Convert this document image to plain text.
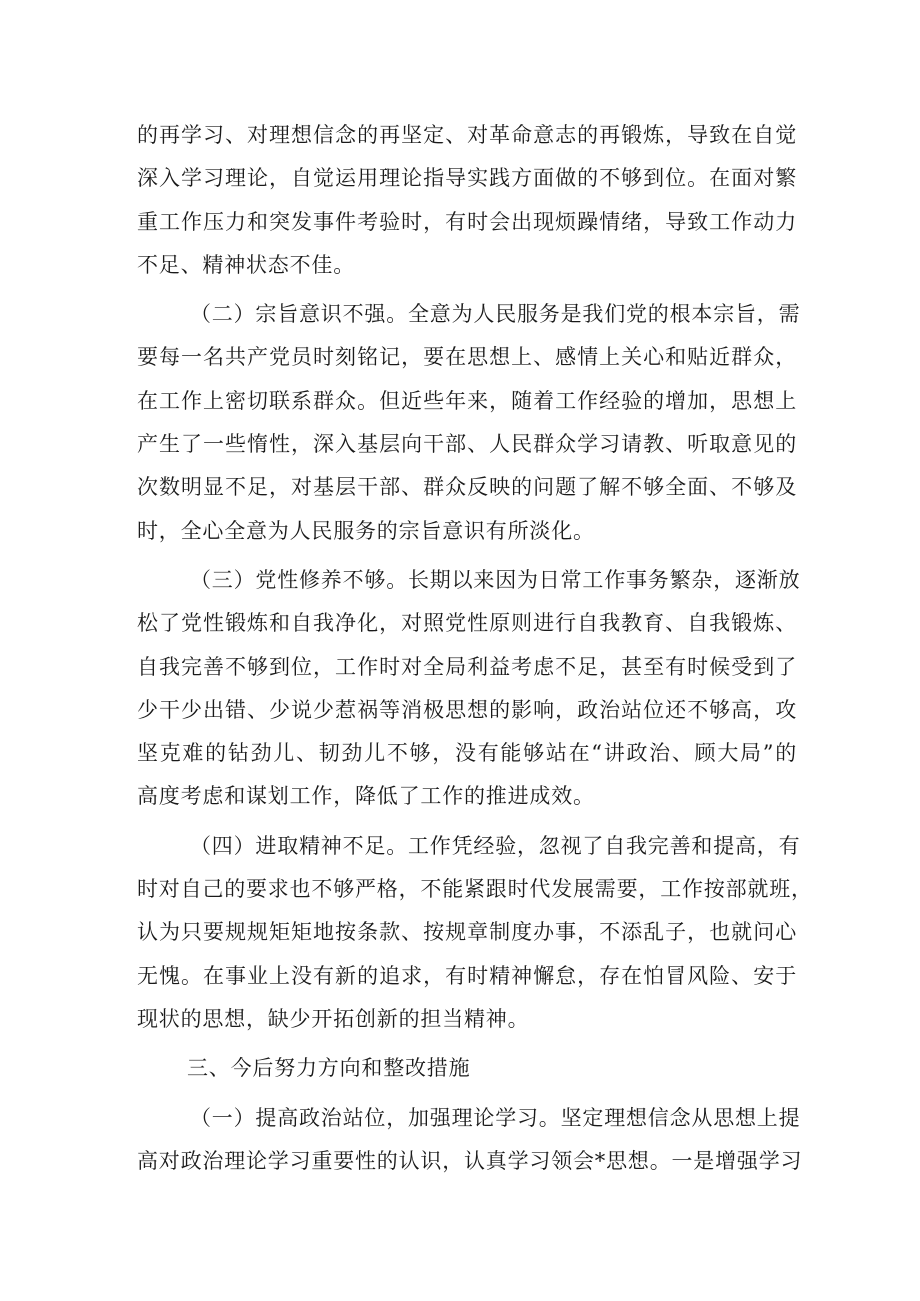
的再学习、对理想信念的再坚定、对革命意志的再锻炼，导致在自觉
深入学习理论，自觉运用理论指导实践方面做的不够到位。在面对繁
重工作压力和突发事件考验时，有时会出现烦躁情绪，导致工作动力
不足、精神状态不佳。
（二）宗旨意识不强。全意为人民服务是我们党的根本宗旨，需
要每一名共产党员时刻铭记，要在思想上、感情上关心和贴近群众，
在工作上密切联系群众。但近些年来，随着工作经验的增加，思想上
产生了一些惰性，深入基层向干部、人民群众学习请教、听取意见的
次数明显不足，对基层干部、群众反映的问题了解不够全面、不够及
时，全心全意为人民服务的宗旨意识有所淡化。
（三）党性修养不够。长期以来因为日常工作事务繁杂，逐渐放
松了党性锻炼和自我净化，对照党性原则进行自我教育、自我锻炼、
自我完善不够到位，工作时对全局利益考虑不足，甚至有时候受到了
少干少出错、少说少惹祸等消极思想的影响，政治站位还不够高，攻
坚克难的钻劲儿、韧劲儿不够，没有能够站在“讲政治、顾大局”的
高度考虑和谋划工作，降低了工作的推进成效。
（四）进取精神不足。工作凭经验，忽视了自我完善和提高，有
时对自己的要求也不够严格，不能紧跟时代发展需要，工作按部就班，
认为只要规规矩矩地按条款、按规章制度办事，不添乱子，也就问心
无愧。在事业上没有新的追求，有时精神懈怠，存在怕冒风险、安于
现状的思想，缺少开拓创新的担当精神。
三、今后努力方向和整改措施
（一）提高政治站位，加强理论学习。坚定理想信念从思想上提
高对政治理论学习重要性的认识，认真学习领会*思想。一是增强学习
